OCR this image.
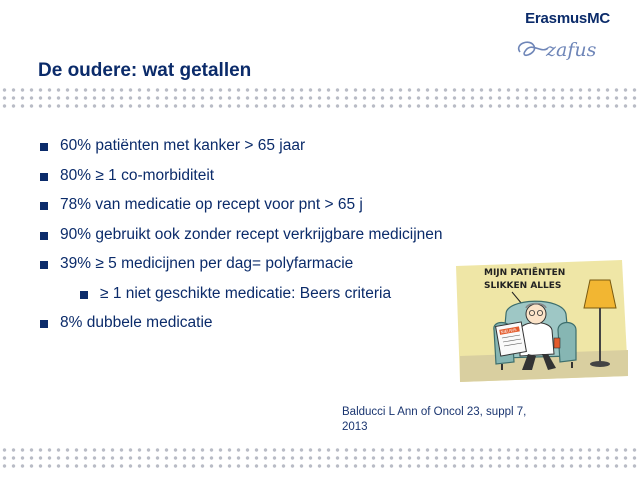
ErasmusMC
zafus
De oudere: wat getallen
60% patiënten met kanker > 65 jaar
80% ≥ 1 co-morbiditeit
78% van medicatie op recept voor pnt > 65 j
90% gebruikt ook zonder recept verkrijgbare medicijnen
39% ≥ 5 medicijnen per dag= polyfarmacie
≥ 1 niet geschikte medicatie: Beers criteria
8% dubbele medicatie
MIJN PATIËNTEN
SLIKKEN ALLES
NIEUWS
Balducci L Ann of Oncol 23, suppl 7,
2013
